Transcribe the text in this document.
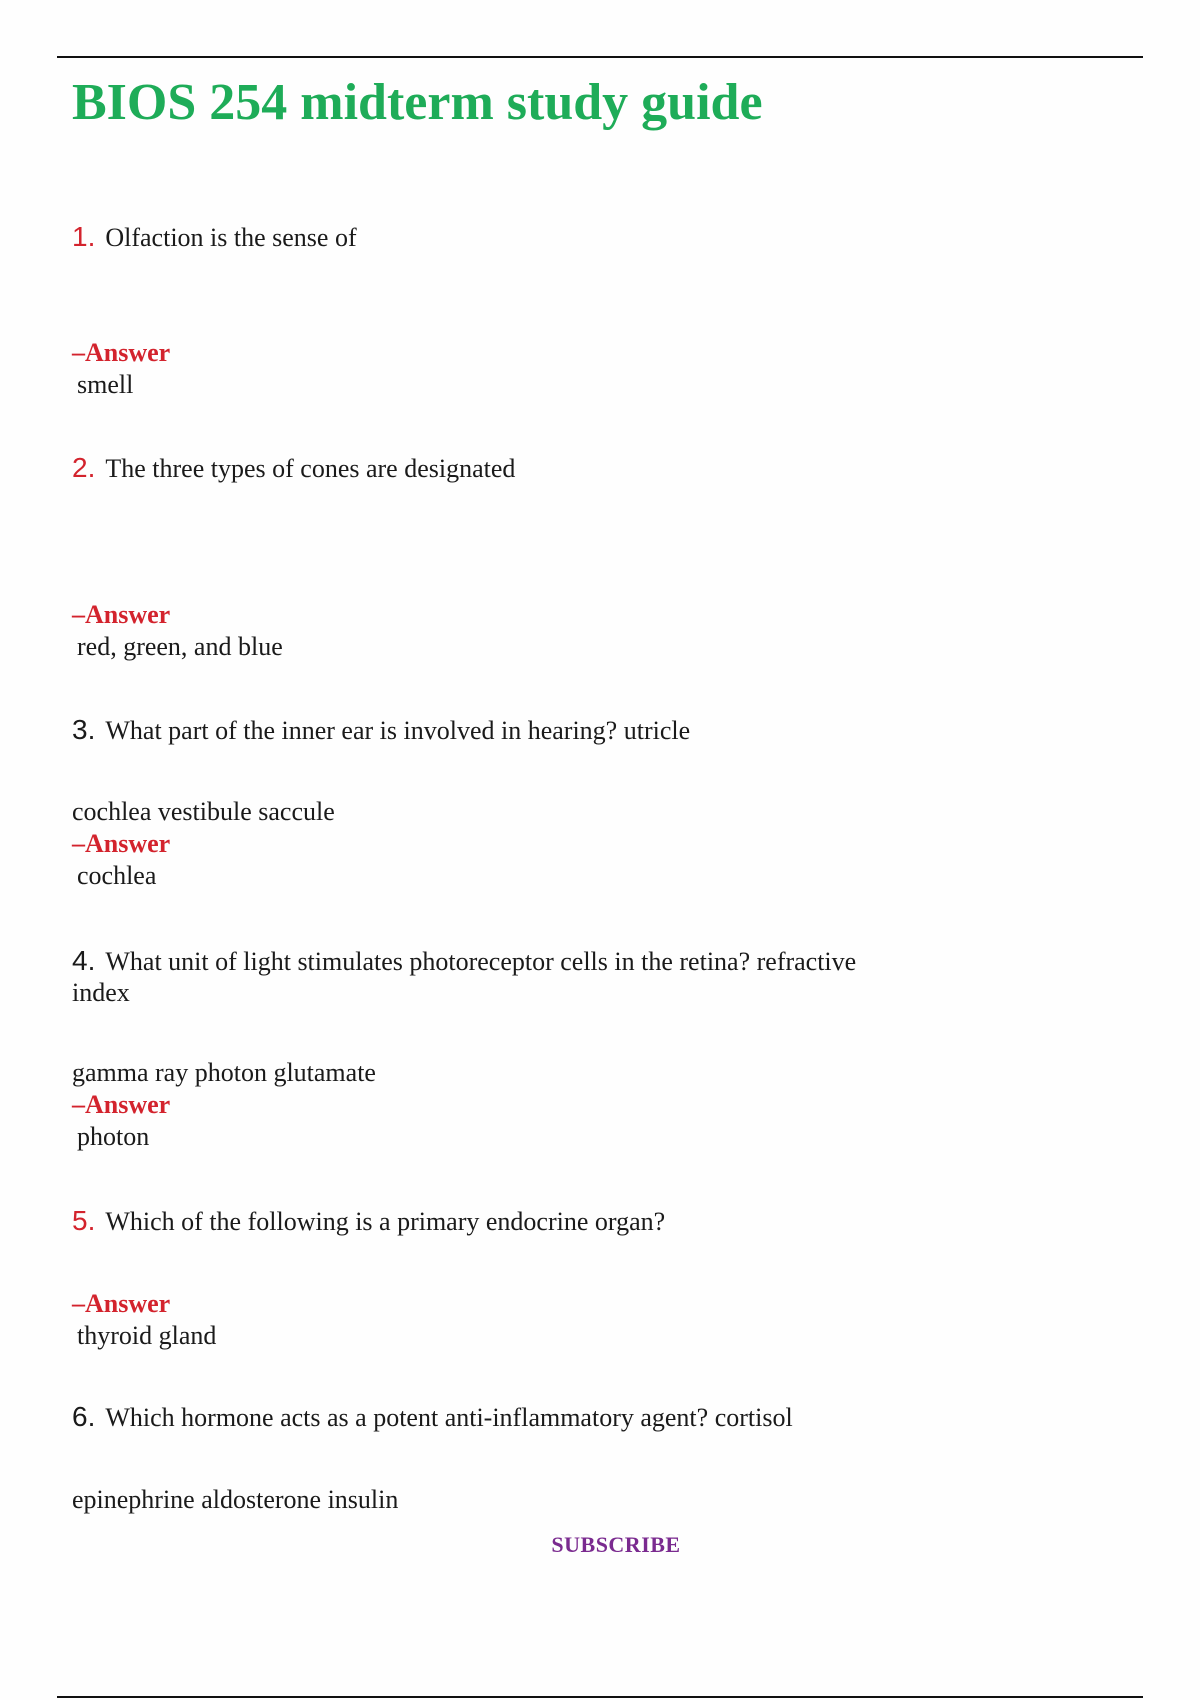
BIOS 254 midterm study guide
1. Olfaction is the sense of
–Answer
smell
2. The three types of cones are designated
–Answer
red, green, and blue
3. What part of the inner ear is involved in hearing? utricle
cochlea vestibule saccule
–Answer
cochlea
4. What unit of light stimulates photoreceptor cells in the retina? refractive
index
gamma ray photon glutamate
–Answer
photon
5. Which of the following is a primary endocrine organ?
–Answer
thyroid gland
6. Which hormone acts as a potent anti-inflammatory agent? cortisol
epinephrine aldosterone insulin
SUBSCRIBE
